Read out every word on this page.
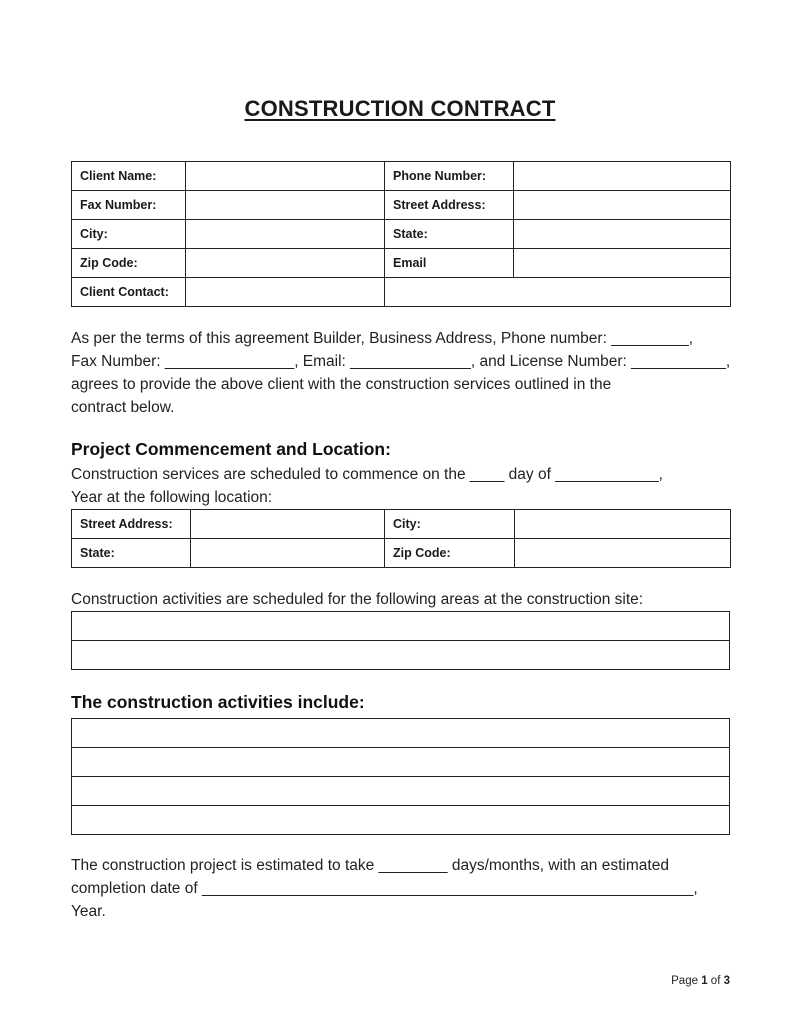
CONSTRUCTION CONTRACT
Client Name:		Phone Number:	
Fax Number:		Street Address:	
City:		State:	
Zip Code:		Email	
Client Contact:			
As per the terms of this agreement Builder, Business Address, Phone number: _________,
Fax Number: _______________, Email: ______________, and License Number: ___________,
agrees to provide the above client with the construction services outlined in the
contract below.
Project Commencement and Location:
Construction services are scheduled to commence on the ____ day of ____________,
Year at the following location:
Street Address:		City:	
State:		Zip Code:	
Construction activities are scheduled for the following areas at the construction site:

The construction activities include:

The construction project is estimated to take ________ days/months, with an estimated
completion date of _________________________________________________________, Year.
Page 1 of 3
